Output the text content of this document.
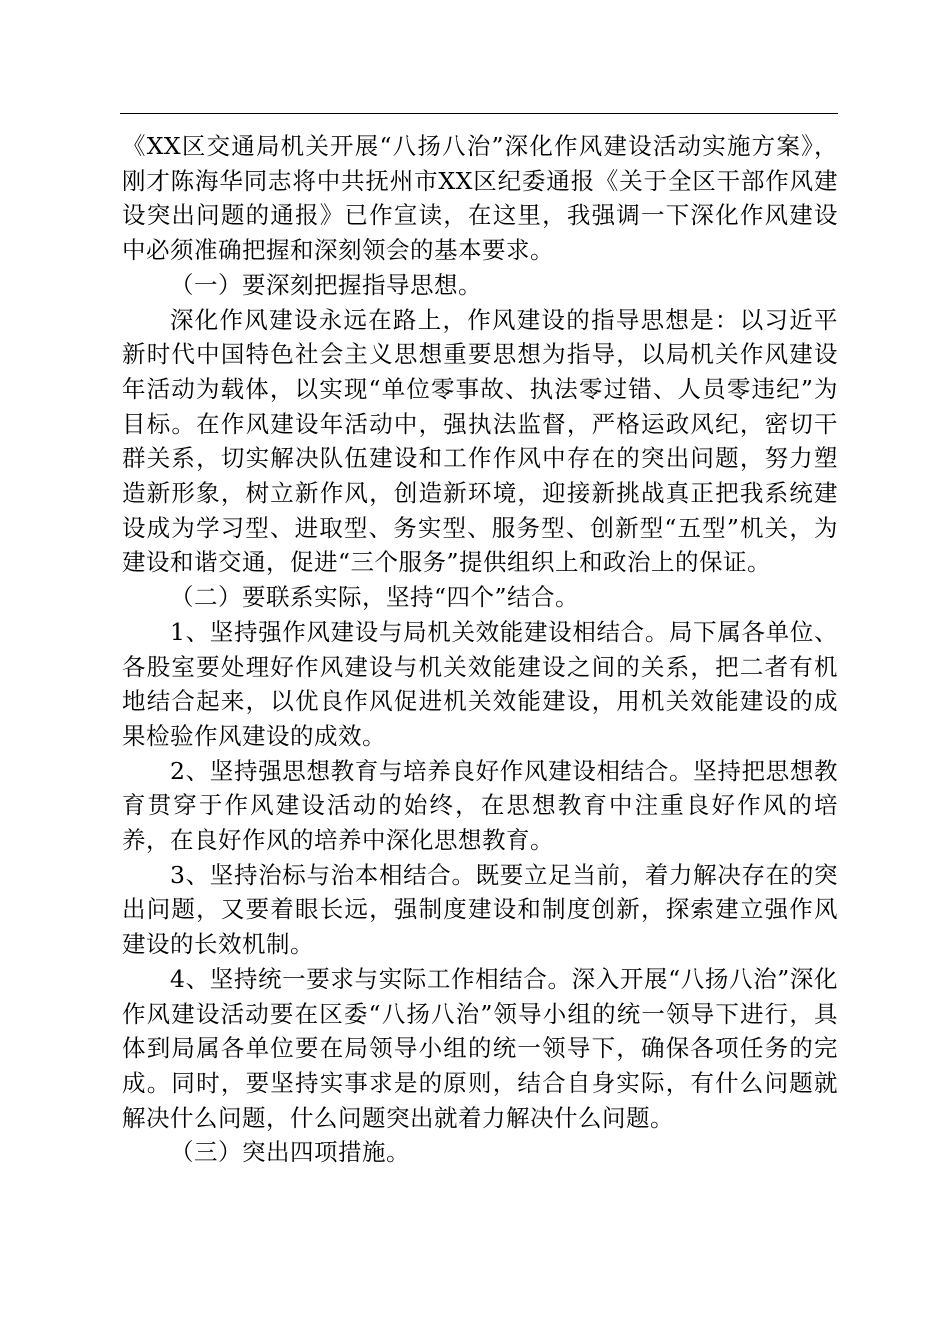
《XX区交通局机关开展“八扬八治”深化作风建设活动实施方案》，刚才陈海华同志将中共抚州市XX区纪委通报《关于全区干部作风建设突出问题的通报》已作宣读，在这里，我强调一下深化作风建设中必须准确把握和深刻领会的基本要求。

（一）要深刻把握指导思想。

深化作风建设永远在路上，作风建设的指导思想是：以习近平新时代中国特色社会主义思想重要思想为指导，以局机关作风建设年活动为载体，以实现“单位零事故、执法零过错、人员零违纪”为目标。在作风建设年活动中，强执法监督，严格运政风纪，密切干群关系，切实解决队伍建设和工作作风中存在的突出问题，努力塑造新形象，树立新作风，创造新环境，迎接新挑战真正把我系统建设成为学习型、进取型、务实型、服务型、创新型“五型”机关，为建设和谐交通，促进“三个服务”提供组织上和政治上的保证。

（二）要联系实际，坚持“四个”结合。

1、坚持强作风建设与局机关效能建设相结合。局下属各单位、各股室要处理好作风建设与机关效能建设之间的关系，把二者有机地结合起来，以优良作风促进机关效能建设，用机关效能建设的成果检验作风建设的成效。

2、坚持强思想教育与培养良好作风建设相结合。坚持把思想教育贯穿于作风建设活动的始终，在思想教育中注重良好作风的培养，在良好作风的培养中深化思想教育。

3、坚持治标与治本相结合。既要立足当前，着力解决存在的突出问题，又要着眼长远，强制度建设和制度创新，探索建立强作风建设的长效机制。

4、坚持统一要求与实际工作相结合。深入开展“八扬八治”深化作风建设活动要在区委“八扬八治”领导小组的统一领导下进行，具体到局属各单位要在局领导小组的统一领导下，确保各项任务的完成。同时，要坚持实事求是的原则，结合自身实际，有什么问题就解决什么问题，什么问题突出就着力解决什么问题。

（三）突出四项措施。
